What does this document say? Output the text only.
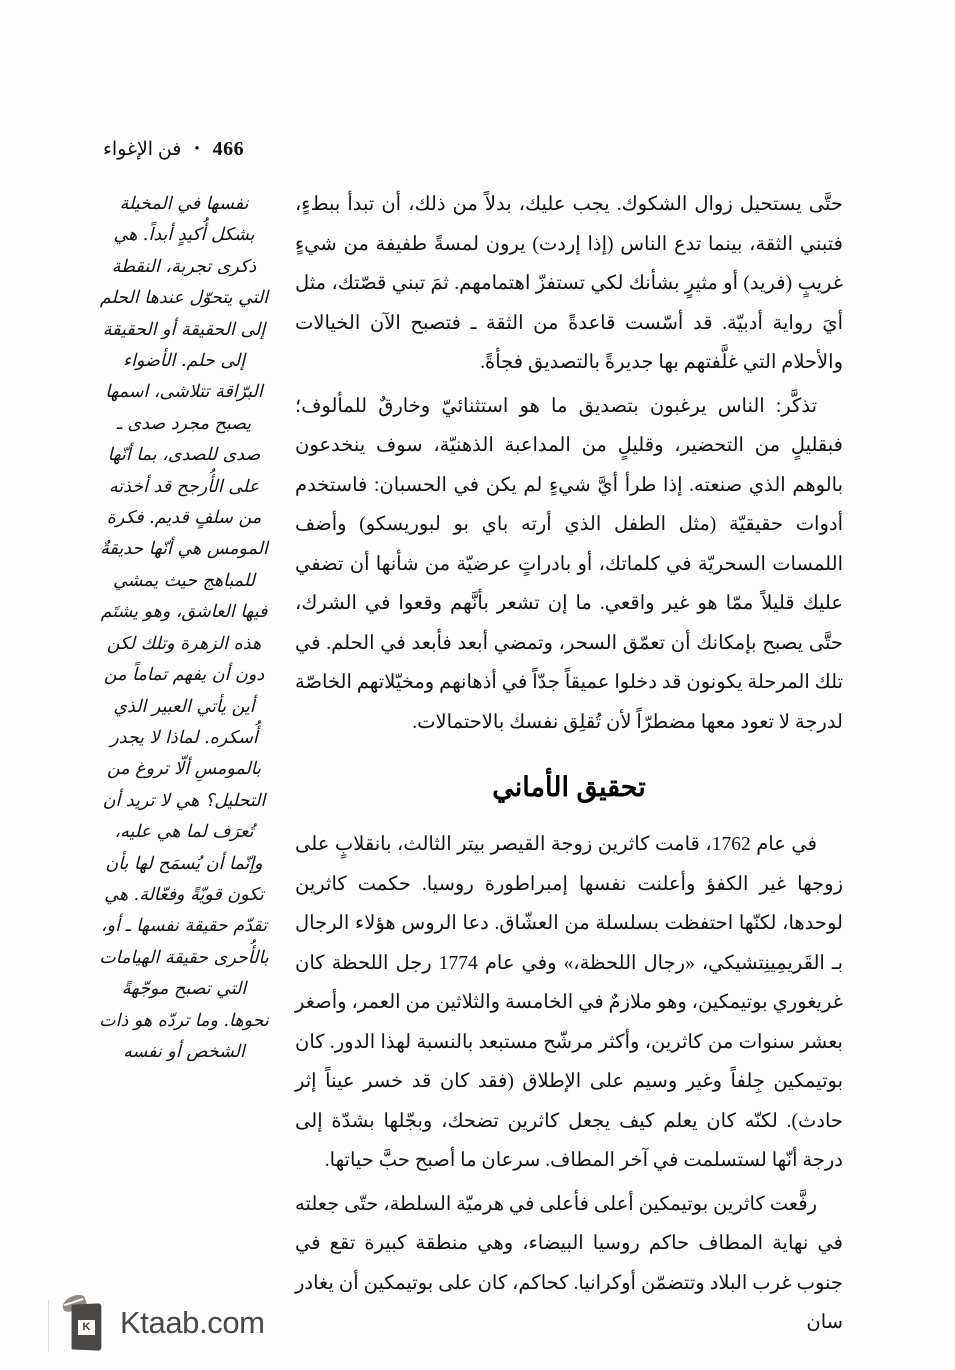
466
•
فن الإغواء

حتَّى يستحيل زوال الشكوك. يجب عليك، بدلاً من ذلك، أن تبدأ ببطءٍ، فتبني الثقة، بينما تدع الناس (إذا إردت) يرون لمسةً طفيفة من شيءٍ غريبٍ (فريد) أو مثيرٍ بشأنك لكي تستفزّ اهتمامهم. ثمَ تبني قصّتك، مثل أيَ رواية أدبيّة. قد أسّست قاعدةً من الثقة ـ فتصبح الآن الخيالات والأحلام التي غلَّفتهم بها جديرةً بالتصديق فجأةً.

تذكَّر: الناس يرغبون بتصديق ما هو استثنائيّ وخارقٌ للمألوف؛ فبقليلٍ من التحضير، وقليلٍ من المداعبة الذهنيّة، سوف ينخدعون بالوهم الذي صنعته. إذا طرأ أيَّ شيءٍ لم يكن في الحسبان: فاستخدم أدوات حقيقيّة (مثل الطفل الذي أرته باي بو لبوريسكو) وأضف اللمسات السحريّة في كلماتك، أو بادراتٍ عرضيّة من شأنها أن تضفي عليك قليلاً ممّا هو غير واقعي. ما إن تشعر بأنَّهم وقعوا في الشرك، حتَّى يصبح بإمكانك أن تعمّق السحر، وتمضي أبعد فأبعد في الحلم. في تلك المرحلة يكونون قد دخلوا عميقاً جدّاً في أذهانهم ومخيّلاتهم الخاصّة لدرجة لا تعود معها مضطرّاً لأن تُقلِق نفسك بالاحتمالات.

تحقيق الأماني

في عام 1762، قامت كاثرين زوجة القيصر بيتر الثالث، بانقلابٍ على زوجها غير الكفؤ وأعلنت نفسها إمبراطورة روسيا. حكمت كاثرين لوحدها، لكنّها احتفظت بسلسلة من العشّاق. دعا الروس هؤلاء الرجال بـ القَريمِينِتشيكي، «رجال اللحظة،» وفي عام 1774 رجل اللحظة كان غريغوري بوتيمكين، وهو ملازمٌ في الخامسة والثلاثين من العمر، وأصغر بعشر سنوات من كاثرين، وأكثر مرشّح مستبعد بالنسبة لهذا الدور. كان بوتيمكين جِلفاً وغير وسيم على الإطلاق (فقد كان قد خسر عيناً إثر حادث). لكنّه كان يعلم كيف يجعل كاثرين تضحك، وبجّلها بشدّة إلى درجة أنّها لستسلمت في آخر المطاف. سرعان ما أصبح حبَّ حياتها.

رفَّعت كاثرين بوتيمكين أعلى فأعلى في هرميّة السلطة، حتّى جعلته في نهاية المطاف حاكم روسيا البيضاء، وهي منطقة كبيرة تقع في جنوب غرب البلاد وتتضمّن أوكرانيا. كحاكم، كان على بوتيمكين أن يغادر سان

نفسها في المخيلة بشكل أُكيدٍ أبداً. هي ذكرى تجربة، النقطة التي يتحوّل عندها الحلم إلى الحقيقة أو الحقيقة إلى حلم. الأضواء البرّاقة تتلاشى، اسمها يصبح مجرد صدى ـ صدى للصدى، بما أنّها على الأُرجح قد أخذته من سلفٍ قديم. فكرة المومس هي أنّها حديقةٌ للمباهج حيث يمشي فيها العاشق، وهو يشتَم هذه الزهرة وتلك لكن دون أن يفهم تماماً من أين يأتي العبير الذي أُسكره. لماذا لا يجدر بالمومسِ ألّا تروغ من التحليل؟ هي لا تريد أن تُعرَف لما هي عليه، وإنّما أن يُسمَح لها بأن تكون قويّةً وفعّالة. هي تقدّم حقيقة نفسها ـ أو، بالأُحرى حقيقة الهيامات التي تصبح موجّهةً نحوها. وما تردّه هو ذات الشخص أو نفسه

K Ktaab.com
